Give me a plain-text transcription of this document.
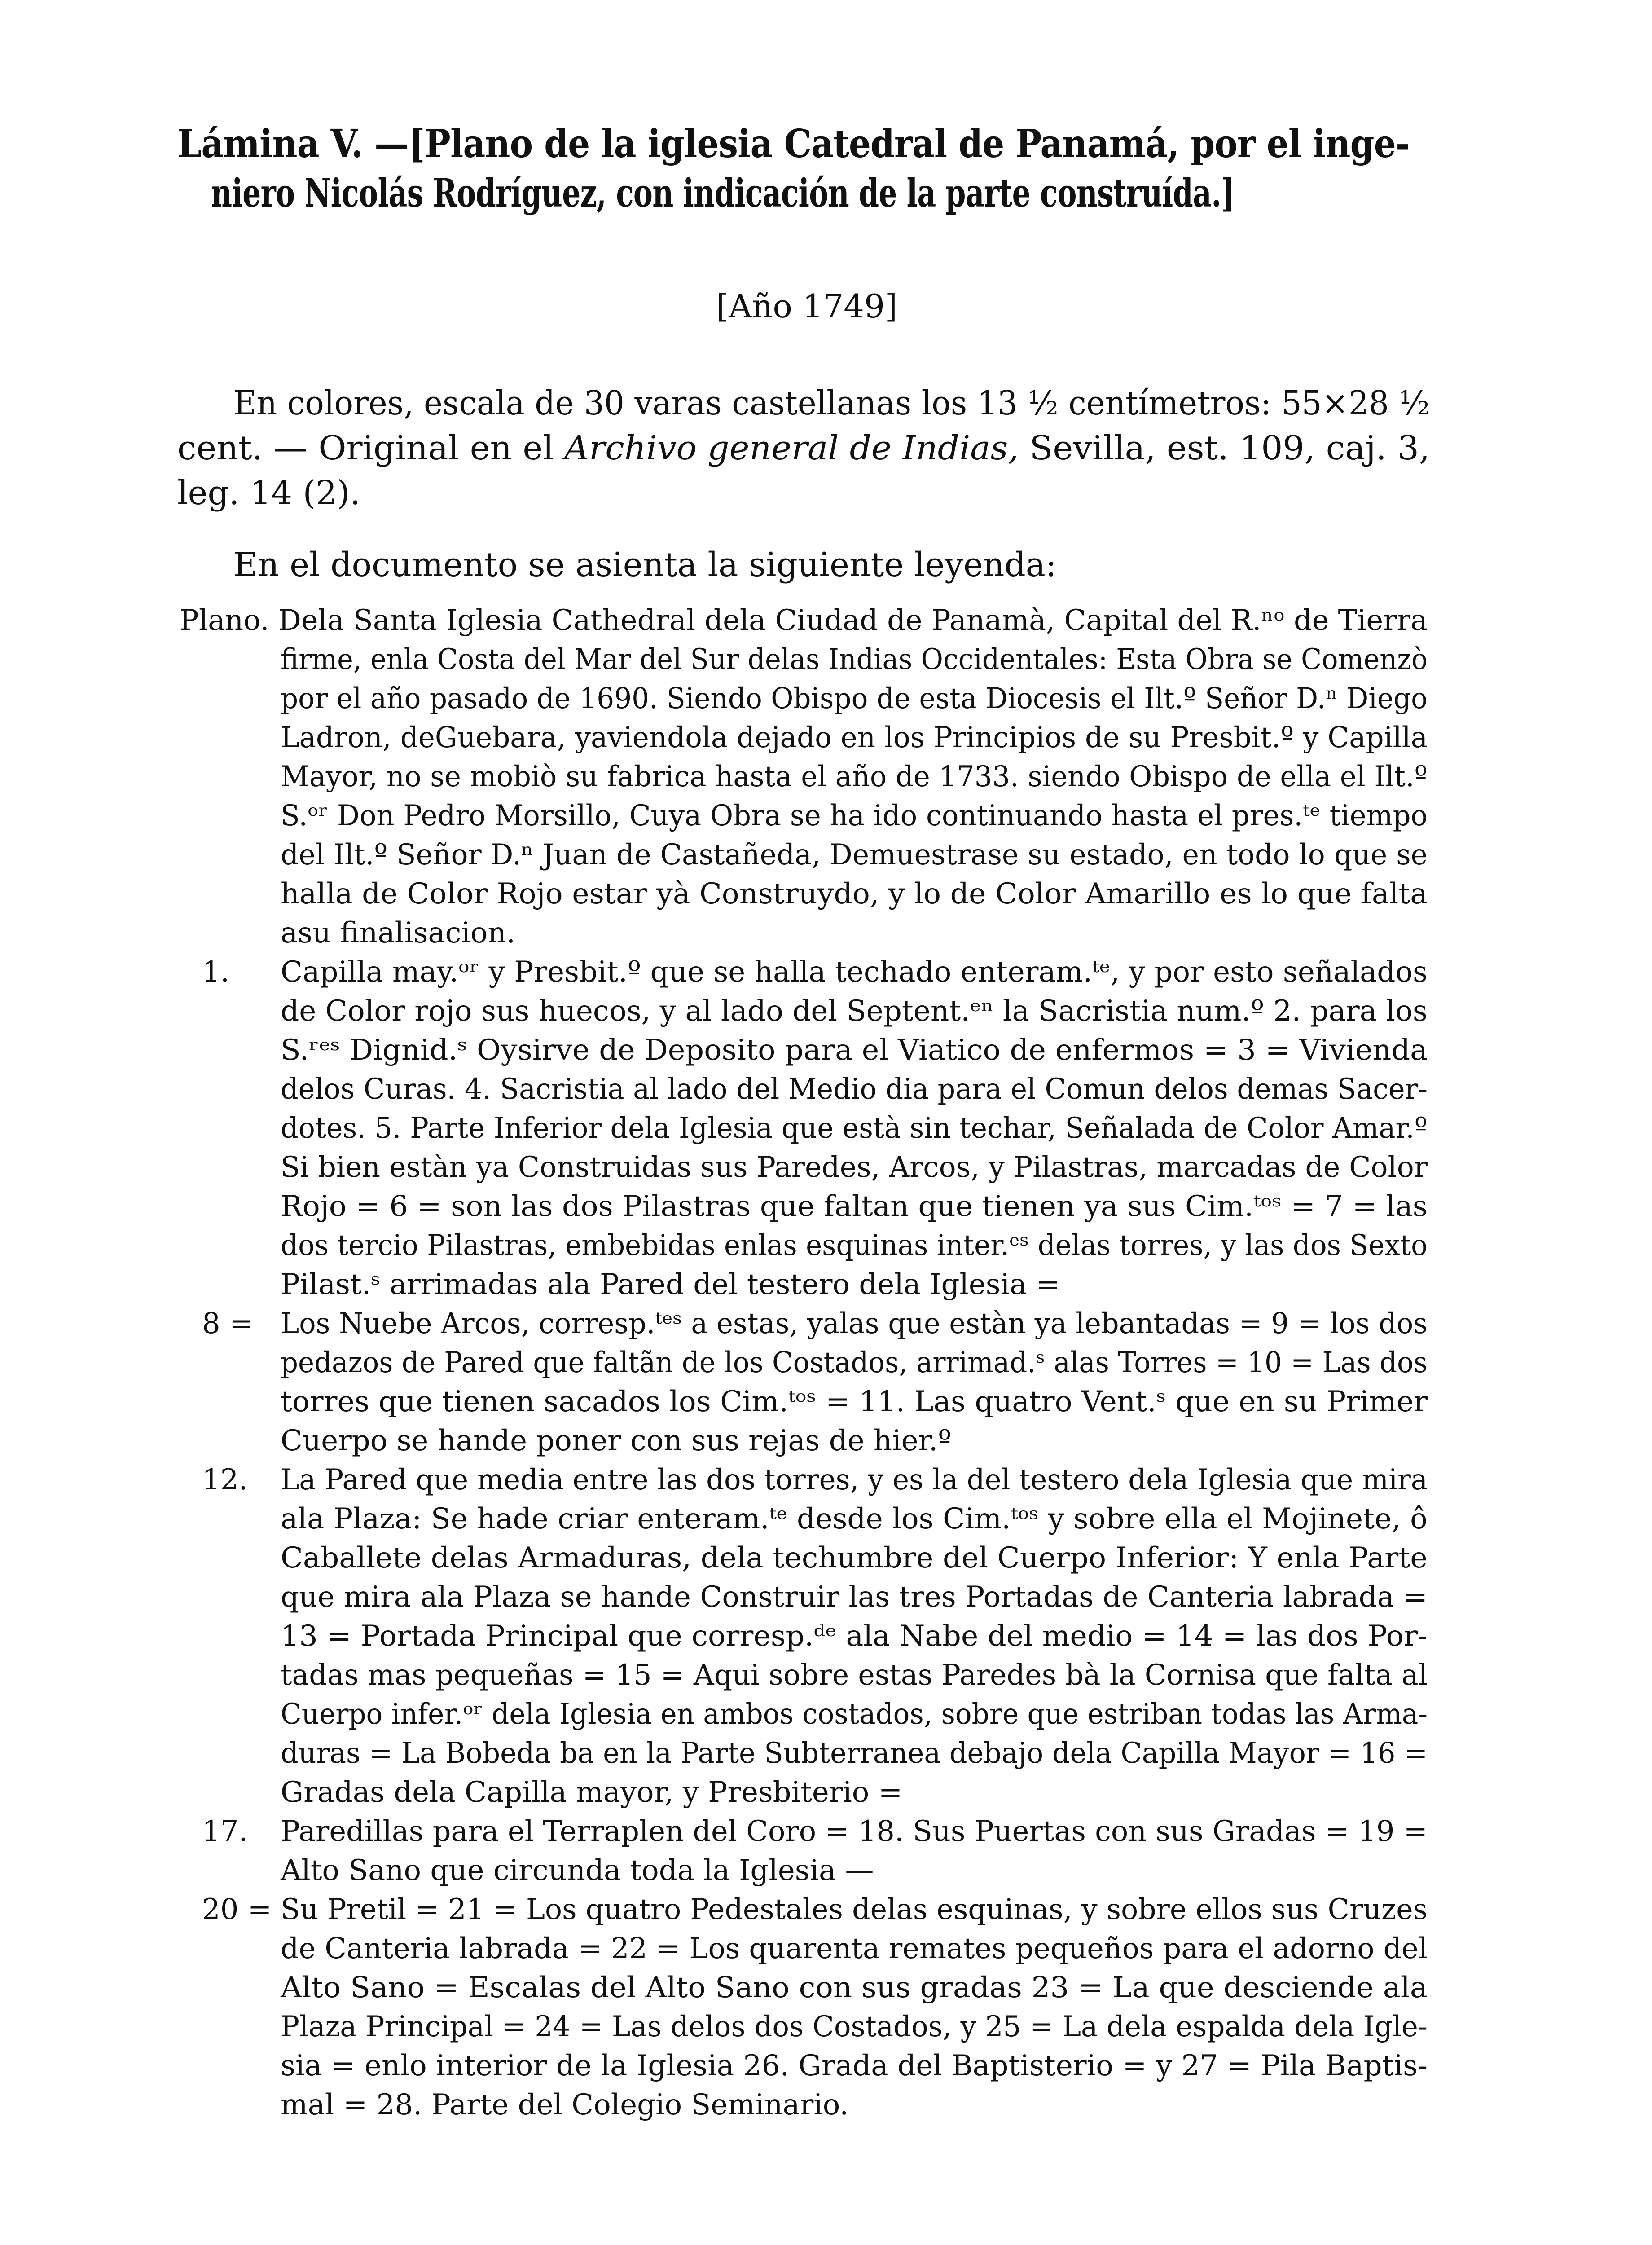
Lámina V. —[Plano de la iglesia Catedral de Panamá, por el inge-
niero Nicolás Rodríguez, con indicación de la parte construída.]
[Año 1749]
En colores, escala de 30 varas castellanas los 13 ½ centímetros: 55×28 ½
cent. — Original en el Archivo general de Indias, Sevilla, est. 109, caj. 3,
leg. 14 (2).
En el documento se asienta la siguiente leyenda:
Plano. Dela Santa Iglesia Cathedral dela Ciudad de Panamà, Capital del R.ⁿᵒ de Tierra
firme, enla Costa del Mar del Sur delas Indias Occidentales: Esta Obra se Comenzò
por el año pasado de 1690. Siendo Obispo de esta Diocesis el Ilt.º Señor D.ⁿ Diego
Ladron, deGuebara, yaviendola dejado en los Principios de su Presbit.º y Capilla
Mayor, no se mobiò su fabrica hasta el año de 1733. siendo Obispo de ella el Ilt.º
S.ᵒʳ Don Pedro Morsillo, Cuya Obra se ha ido continuando hasta el pres.ᵗᵉ tiempo
del Ilt.º Señor D.ⁿ Juan de Castañeda, Demuestrase su estado, en todo lo que se
halla de Color Rojo estar yà Construydo, y lo de Color Amarillo es lo que falta
asu finalisacion.
1. Capilla may.ᵒʳ y Presbit.º que se halla techado enteram.ᵗᵉ, y por esto señalados
de Color rojo sus huecos, y al lado del Septent.ᵉⁿ la Sacristia num.º 2. para los
S.ʳᵉˢ Dignid.ˢ Oysirve de Deposito para el Viatico de enfermos = 3 = Vivienda
delos Curas. 4. Sacristia al lado del Medio dia para el Comun delos demas Sacer-
dotes. 5. Parte Inferior dela Iglesia que està sin techar, Señalada de Color Amar.º
Si bien estàn ya Construidas sus Paredes, Arcos, y Pilastras, marcadas de Color
Rojo = 6 = son las dos Pilastras que faltan que tienen ya sus Cim.ᵗᵒˢ = 7 = las
dos tercio Pilastras, embebidas enlas esquinas inter.ᵉˢ delas torres, y las dos Sexto
Pilast.ˢ arrimadas ala Pared del testero dela Iglesia =
8 = Los Nuebe Arcos, corresp.ᵗᵉˢ a estas, yalas que estàn ya lebantadas = 9 = los dos
pedazos de Pared que faltãn de los Costados, arrimad.ˢ alas Torres = 10 = Las dos
torres que tienen sacados los Cim.ᵗᵒˢ = 11. Las quatro Vent.ˢ que en su Primer
Cuerpo se hande poner con sus rejas de hier.º
12. La Pared que media entre las dos torres, y es la del testero dela Iglesia que mira
ala Plaza: Se hade criar enteram.ᵗᵉ desde los Cim.ᵗᵒˢ y sobre ella el Mojinete, ô
Caballete delas Armaduras, dela techumbre del Cuerpo Inferior: Y enla Parte
que mira ala Plaza se hande Construir las tres Portadas de Canteria labrada =
13 = Portada Principal que corresp.ᵈᵉ ala Nabe del medio = 14 = las dos Por-
tadas mas pequeñas = 15 = Aqui sobre estas Paredes bà la Cornisa que falta al
Cuerpo infer.ᵒʳ dela Iglesia en ambos costados, sobre que estriban todas las Arma-
duras = La Bobeda ba en la Parte Subterranea debajo dela Capilla Mayor = 16 =
Gradas dela Capilla mayor, y Presbiterio =
17. Paredillas para el Terraplen del Coro = 18. Sus Puertas con sus Gradas = 19 =
Alto Sano que circunda toda la Iglesia —
20 = Su Pretil = 21 = Los quatro Pedestales delas esquinas, y sobre ellos sus Cruzes
de Canteria labrada = 22 = Los quarenta remates pequeños para el adorno del
Alto Sano = Escalas del Alto Sano con sus gradas 23 = La que desciende ala
Plaza Principal = 24 = Las delos dos Costados, y 25 = La dela espalda dela Igle-
sia = enlo interior de la Iglesia 26. Grada del Baptisterio = y 27 = Pila Baptis-
mal = 28. Parte del Colegio Seminario.
